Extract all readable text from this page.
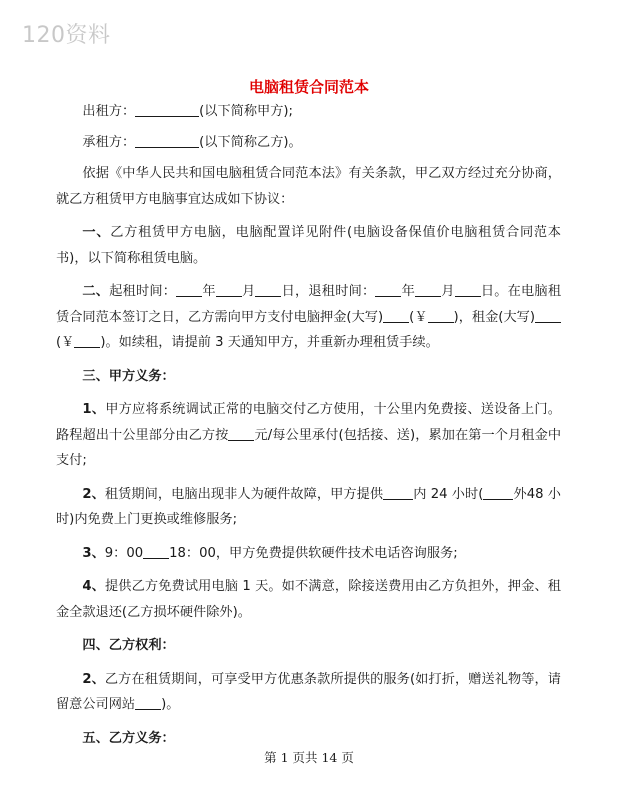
120资料
电脑租赁合同范本

出租方：	(以下简称甲方);

承租方：	(以下简称乙方)。

依据《中华人民共和国电脑租赁合同范本法》有关条款，甲乙双方经过充分协商，就乙方租赁甲方电脑事宜达成如下协议：

一、乙方租赁甲方电脑，电脑配置详见附件(电脑设备保值价电脑租赁合同范本书)，以下简称租赁电脑。

二、起租时间： 年 月 日，退租时间： 年 月 日。在电脑租赁合同范本签订之日，乙方需向甲方支付电脑押金(大写) (￥ )，租金(大写)(￥ )。如续租，请提前 3 天通知甲方，并重新办理租赁手续。

三、甲方义务：

1、甲方应将系统调试正常的电脑交付乙方使用，十公里内免费接、送设备上门。路程超出十公里部分由乙方按 元/每公里承付(包括接、送)，累加在第一个月租金中支付;

2、租赁期间，电脑出现非人为硬件故障，甲方提供 内 24 小时( 外48 小时)内免费上门更换或维修服务;

3、9：00 18：00，甲方免费提供软硬件技术电话咨询服务;

4、提供乙方免费试用电脑 1 天。如不满意，除接送费用由乙方负担外，押金、租金全款退还(乙方损坏硬件除外)。

四、乙方权利：

2、乙方在租赁期间，可享受甲方优惠条款所提供的服务(如打折，赠送礼物等，请留意公司网站 )。

五、乙方义务：

第 1 页共 14 页
